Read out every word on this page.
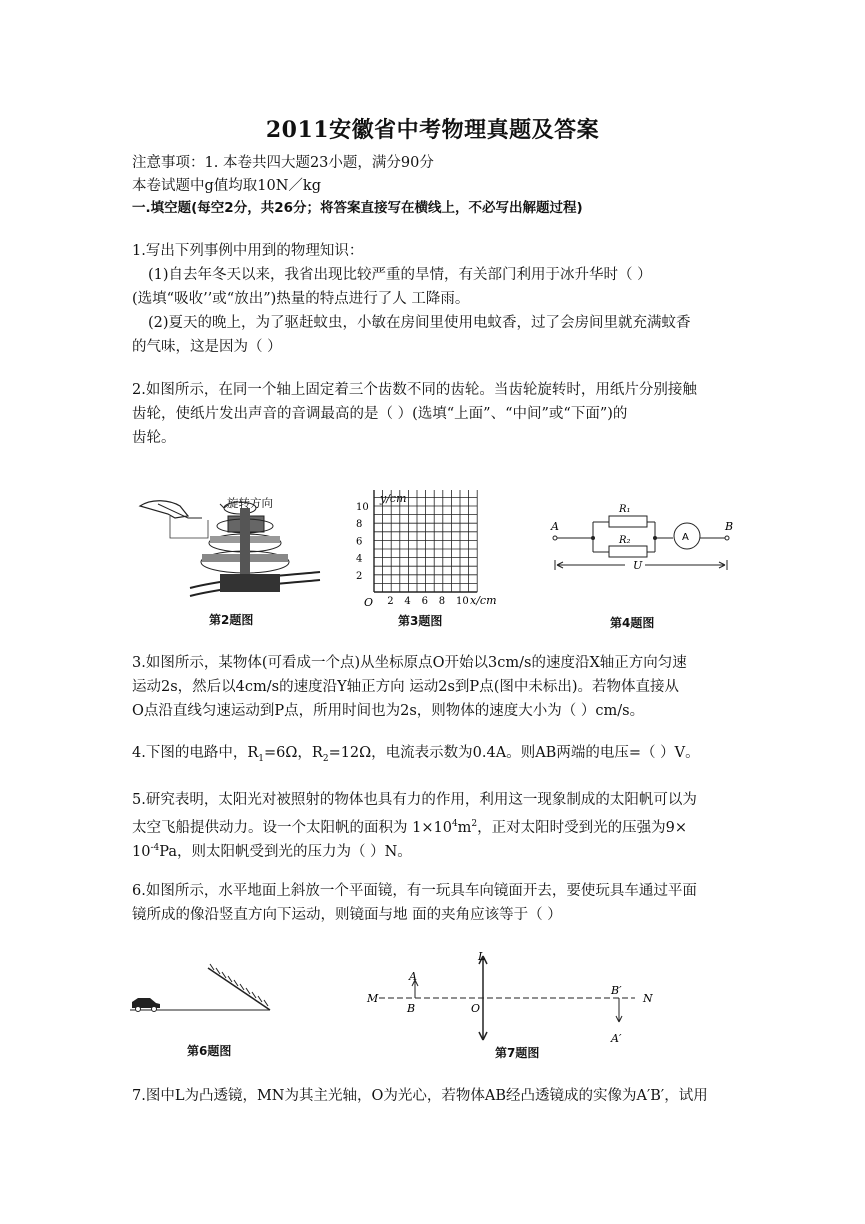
2011安徽省中考物理真题及答案
注意事项：1. 本卷共四大题23小题，满分90分
本卷试题中g值均取10N／kg
一.填空题(每空2分，共26分；将答案直接写在横线上，不必写出解题过程)
1.写出下列事例中用到的物理知识：
(1)自去年冬天以来，我省出现比较严重的旱情，有关部门利用于冰升华时（ ）
(选填“吸收’’或“放出”)热量的特点进行了人 工降雨。
(2)夏天的晚上，为了驱赶蚊虫，小敏在房间里使用电蚊香，过了会房间里就充满蚊香
的气味，这是因为（ ）
2.如图所示，在同一个轴上固定着三个齿数不同的齿轮。当齿轮旋转时，用纸片分别接触
齿轮，使纸片发出声音的音调最高的是（ ）(选填“上面”、“中间”或“下面”)的
齿轮。
旋转方向
第2题图
y/cm
x/cm
O
10
8
6
4
2
2 4 6 8 10
第3题图
A	B
R₁
R₂	A
U
第4题图
3.如图所示，某物体(可看成一个点)从坐标原点O开始以3cm/s的速度沿X轴正方向匀速
运动2s，然后以4cm/s的速度沿Y轴正方向 运动2s到P点(图中未标出)。若物体直接从
O点沿直线匀速运动到P点，所用时间也为2s，则物体的速度大小为（ ）cm/s。
4.下图的电路中，$R_1=6\Omega$，$R_2=12\Omega$，电流表示数为0.4A。则AB两端的电压=（ ）V。
5.研究表明，太阳光对被照射的物体也具有力的作用，利用这一现象制成的太阳帆可以为
太空飞船提供动力。设一个太阳帆的面积为 $1\times 10^4m^2$，正对太阳时受到光的压强为9×
$10^{-4}Pa$，则太阳帆受到光的压力为（ ）N。
6.如图所示，水平地面上斜放一个平面镜，有一玩具车向镜面开去，要使玩具车通过平面
镜所成的像沿竖直方向下运动，则镜面与地 面的夹角应该等于（ ）
第6题图
L
M	N
A
B	O
B′
A′
第7题图
7.图中L为凸透镜，MN为其主光轴，O为光心，若物体AB经凸透镜成的实像为A′B′，试用
